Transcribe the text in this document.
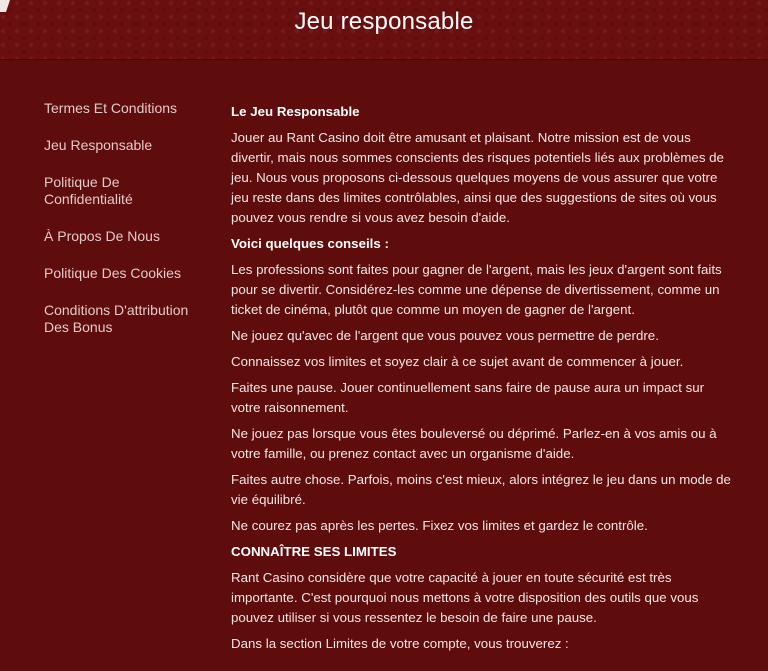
Jeu responsable
Termes Et Conditions
Jeu Responsable
Politique De Confidentialité
À Propos De Nous
Politique Des Cookies
Conditions D'attribution Des Bonus

Le Jeu Responsable

Jouer au Rant Casino doit être amusant et plaisant. Notre mission est de vous divertir, mais nous sommes conscients des risques potentiels liés aux problèmes de jeu. Nous vous proposons ci-dessous quelques moyens de vous assurer que votre jeu reste dans des limites contrôlables, ainsi que des suggestions de sites où vous pouvez vous rendre si vous avez besoin d'aide.

Voici quelques conseils :

Les professions sont faites pour gagner de l'argent, mais les jeux d'argent sont faits pour se divertir. Considérez-les comme une dépense de divertissement, comme un ticket de cinéma, plutôt que comme un moyen de gagner de l'argent.

Ne jouez qu'avec de l'argent que vous pouvez vous permettre de perdre.

Connaissez vos limites et soyez clair à ce sujet avant de commencer à jouer.

Faites une pause. Jouer continuellement sans faire de pause aura un impact sur votre raisonnement.

Ne jouez pas lorsque vous êtes bouleversé ou déprimé. Parlez-en à vos amis ou à votre famille, ou prenez contact avec un organisme d'aide.

Faites autre chose. Parfois, moins c'est mieux, alors intégrez le jeu dans un mode de vie équilibré.

Ne courez pas après les pertes. Fixez vos limites et gardez le contrôle.

CONNAÎTRE SES LIMITES

Rant Casino considère que votre capacité à jouer en toute sécurité est très importante. C'est pourquoi nous mettons à votre disposition des outils que vous pouvez utiliser si vous ressentez le besoin de faire une pause.

Dans la section Limites de votre compte, vous trouverez :
